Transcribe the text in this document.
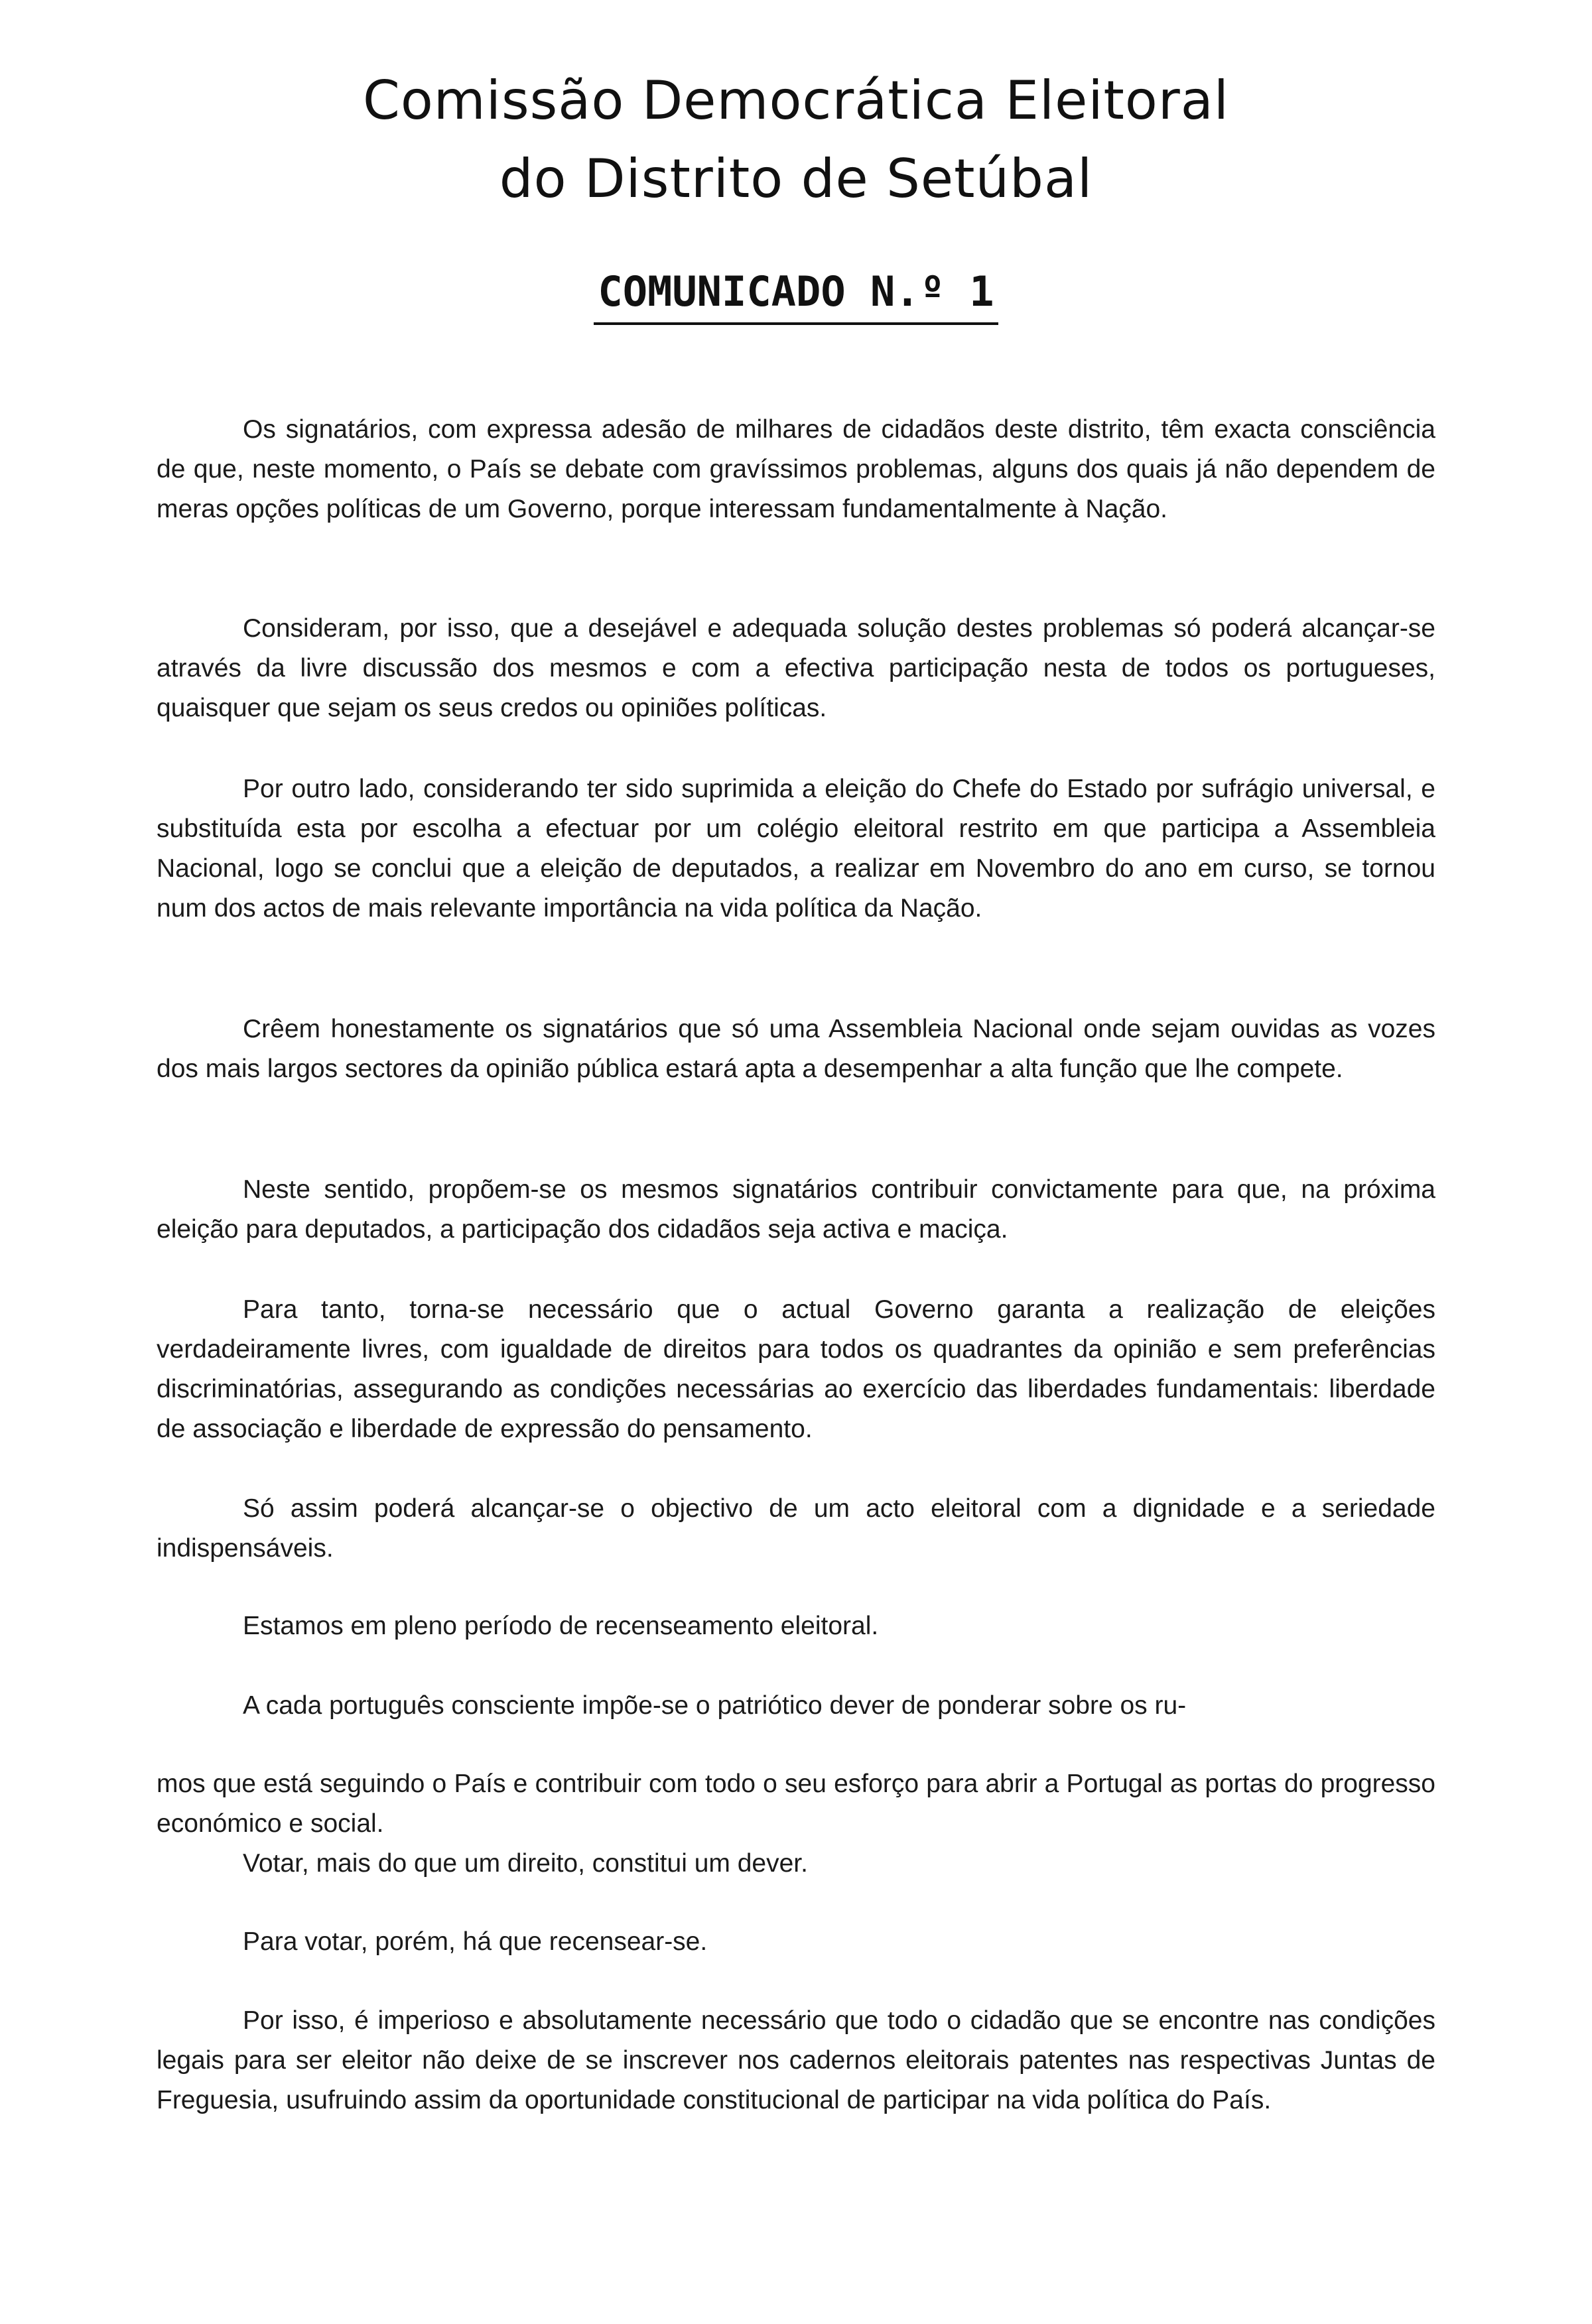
Comissão Democrática Eleitoral
do Distrito de Setúbal
COMUNICADO N.º 1

Os signatários, com expressa adesão de milhares de cidadãos deste distrito, têm exacta consciência de que, neste momento, o País se debate com gravíssimos problemas, alguns dos quais já não dependem de meras opções políticas de um Governo, porque interessam fundamentalmente à Nação.

Consideram, por isso, que a desejável e adequada solução destes problemas só poderá alcançar-se através da livre discussão dos mesmos e com a efectiva participação nesta de todos os portugueses, quaisquer que sejam os seus credos ou opiniões políticas.

Por outro lado, considerando ter sido suprimida a eleição do Chefe do Estado por sufrágio universal, e substituída esta por escolha a efectuar por um colégio eleitoral restrito em que participa a Assembleia Nacional, logo se conclui que a eleição de deputados, a realizar em Novembro do ano em curso, se tornou num dos actos de mais relevante importância na vida política da Nação.

Crêem honestamente os signatários que só uma Assembleia Nacional onde sejam ouvidas as vozes dos mais largos sectores da opinião pública estará apta a desempenhar a alta função que lhe compete.

Neste sentido, propõem-se os mesmos signatários contribuir convictamente para que, na próxima eleição para deputados, a participação dos cidadãos seja activa e maciça.

Para tanto, torna-se necessário que o actual Governo garanta a realização de eleições verdadeiramente livres, com igualdade de direitos para todos os quadrantes da opinião e sem preferências discriminatórias, assegurando as condições necessárias ao exercício das liberdades fundamentais: liberdade de associação e liberdade de expressão do pensamento.

Só assim poderá alcançar-se o objectivo de um acto eleitoral com a dignidade e a seriedade indispensáveis.

Estamos em pleno período de recenseamento eleitoral.

A cada português consciente impõe-se o patriótico dever de ponderar sobre os ru-

mos que está seguindo o País e contribuir com todo o seu esforço para abrir a Portugal as portas do progresso económico e social.

Votar, mais do que um direito, constitui um dever.

Para votar, porém, há que recensear-se.

Por isso, é imperioso e absolutamente necessário que todo o cidadão que se encontre nas condições legais para ser eleitor não deixe de se inscrever nos cadernos eleitorais patentes nas respectivas Juntas de Freguesia, usufruindo assim da oportunidade constitucional de participar na vida política do País.
